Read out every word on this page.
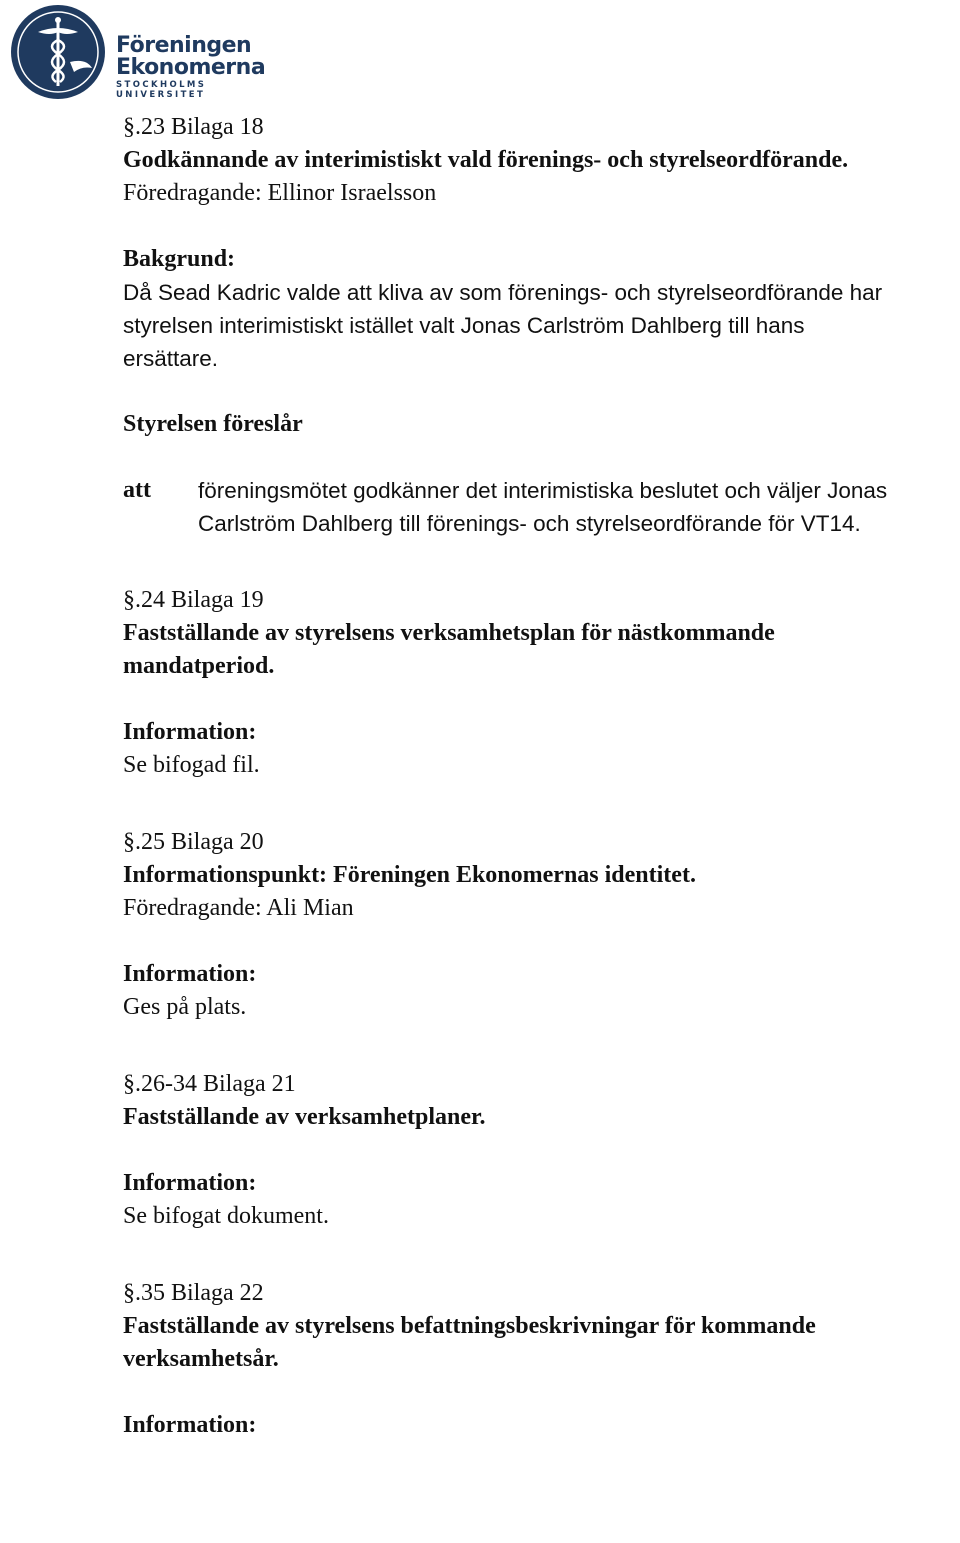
Föreningen
Ekonomerna
STOCKHOLMS UNIVERSITET

§.23 Bilaga 18

Godkännande av interimistiskt vald förenings- och styrelseordförande.

Föredragande: Ellinor Israelsson

Bakgrund:

Då Sead Kadric valde att kliva av som förenings- och styrelseordförande har

styrelsen interimistiskt istället valt Jonas Carlström Dahlberg till hans

ersättare.

Styrelsen föreslår

att	föreningsmötet godkänner det interimistiska beslutet och väljer Jonas
Carlström Dahlberg till förenings- och styrelseordförande för VT14.

§.24 Bilaga 19

Fastställande av styrelsens verksamhetsplan för nästkommande

mandatperiod.

Information:

Se bifogad fil.

§.25 Bilaga 20

Informationspunkt: Föreningen Ekonomernas identitet.

Föredragande: Ali Mian

Information:

Ges på plats.

§.26-34 Bilaga 21

Fastställande av verksamhetplaner.

Information:

Se bifogat dokument.

§.35 Bilaga 22

Fastställande av styrelsens befattningsbeskrivningar för kommande

verksamhetsår.

Information:
